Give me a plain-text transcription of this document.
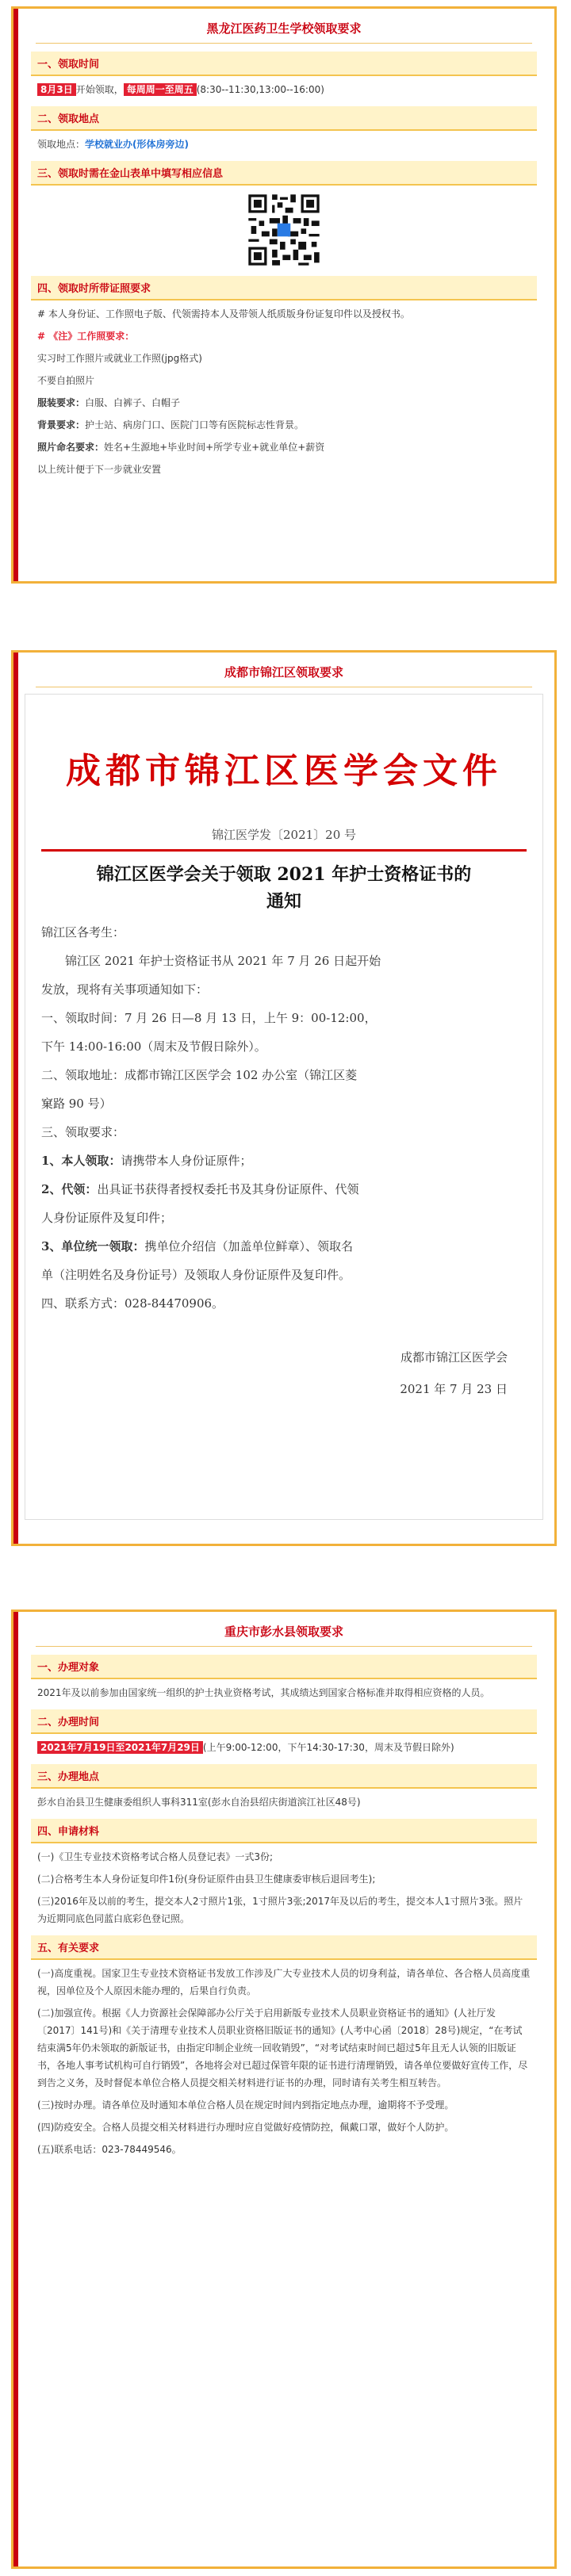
黑龙江医药卫生学校领取要求
一、领取时间
8月3日 开始领取， 每周周一至周五 (8:30--11:30,13:00--16:00)
二、领取地点
领取地点：学校就业办(形体房旁边)
三、领取时需在金山表单中填写相应信息
四、领取时所带证照要求
# 本人身份证、工作照电子版、代领需持本人及带领人纸质版身份证复印件以及授权书。
# 《注》工作照要求：
实习时工作照片或就业工作照(jpg格式)
不要自拍照片
服装要求：白服、白裤子、白帽子
背景要求：护士站、病房门口、医院门口等有医院标志性背景。
照片命名要求：姓名+生源地+毕业时间+所学专业+就业单位+薪资
以上统计便于下一步就业安置
成都市锦江区领取要求
成都市锦江区医学会文件
锦江医学发〔2021〕20 号
锦江区医学会关于领取 2021 年护士资格证书的
通知
锦江区各考生：
锦江区 2021 年护士资格证书从 2021 年 7 月 26 日起开始
发放，现将有关事项通知如下：
一、领取时间：7 月 26 日—8 月 13 日，上午 9：00-12:00，
下午 14:00-16:00（周末及节假日除外）。
二、领取地址：成都市锦江区医学会 102 办公室（锦江区菱
窠路 90 号）
三、领取要求：
1、本人领取：请携带本人身份证原件；
2、代领：出具证书获得者授权委托书及其身份证原件、代领
人身份证原件及复印件；
3、单位统一领取：携单位介绍信（加盖单位鲜章）、领取名
单（注明姓名及身份证号）及领取人身份证原件及复印件。
四、联系方式：028-84470906。
成都市锦江区医学会
2021 年 7 月 23 日
重庆市彭水县领取要求
一、办理对象
2021年及以前参加由国家统一组织的护士执业资格考试，其成绩达到国家合格标准并取得相应资格的人员。
二、办理时间
2021年7月19日至2021年7月29日 (上午9:00-12:00，下午14:30-17:30，周末及节假日除外)
三、办理地点
彭水自治县卫生健康委组织人事科311室(彭水自治县绍庆街道滨江社区48号)
四、申请材料
(一)《卫生专业技术资格考试合格人员登记表》一式3份;
(二)合格考生本人身份证复印件1份(身份证原件由县卫生健康委审核后退回考生);
(三)2016年及以前的考生，提交本人2寸照片1张，1寸照片3张;2017年及以后的考生，提交本人1寸照片3张。照片为近期同底色同蓝白底彩色登记照。
五、有关要求
(一)高度重视。国家卫生专业技术资格证书发放工作涉及广大专业技术人员的切身利益，请各单位、各合格人员高度重视，因单位及个人原因未能办理的，后果自行负责。
(二)加强宣传。根据《人力资源社会保障部办公厅关于启用新版专业技术人员职业资格证书的通知》(人社厅发〔2017〕141号)和《关于清理专业技术人员职业资格旧版证书的通知》(人考中心函〔2018〕28号)规定，“在考试结束满5年仍未领取的新版证书，由指定印制企业统一回收销毁”，“对考试结束时间已超过5年且无人认领的旧版证书，各地人事考试机构可自行销毁”，各地将会对已超过保管年限的证书进行清理销毁，请各单位要做好宣传工作，尽到告之义务，及时督促本单位合格人员提交相关材料进行证书的办理，同时请有关考生相互转告。
(三)按时办理。请各单位及时通知本单位合格人员在规定时间内到指定地点办理，逾期将不予受理。
(四)防疫安全。合格人员提交相关材料进行办理时应自觉做好疫情防控，佩戴口罩，做好个人防护。
(五)联系电话：023-78449546。
